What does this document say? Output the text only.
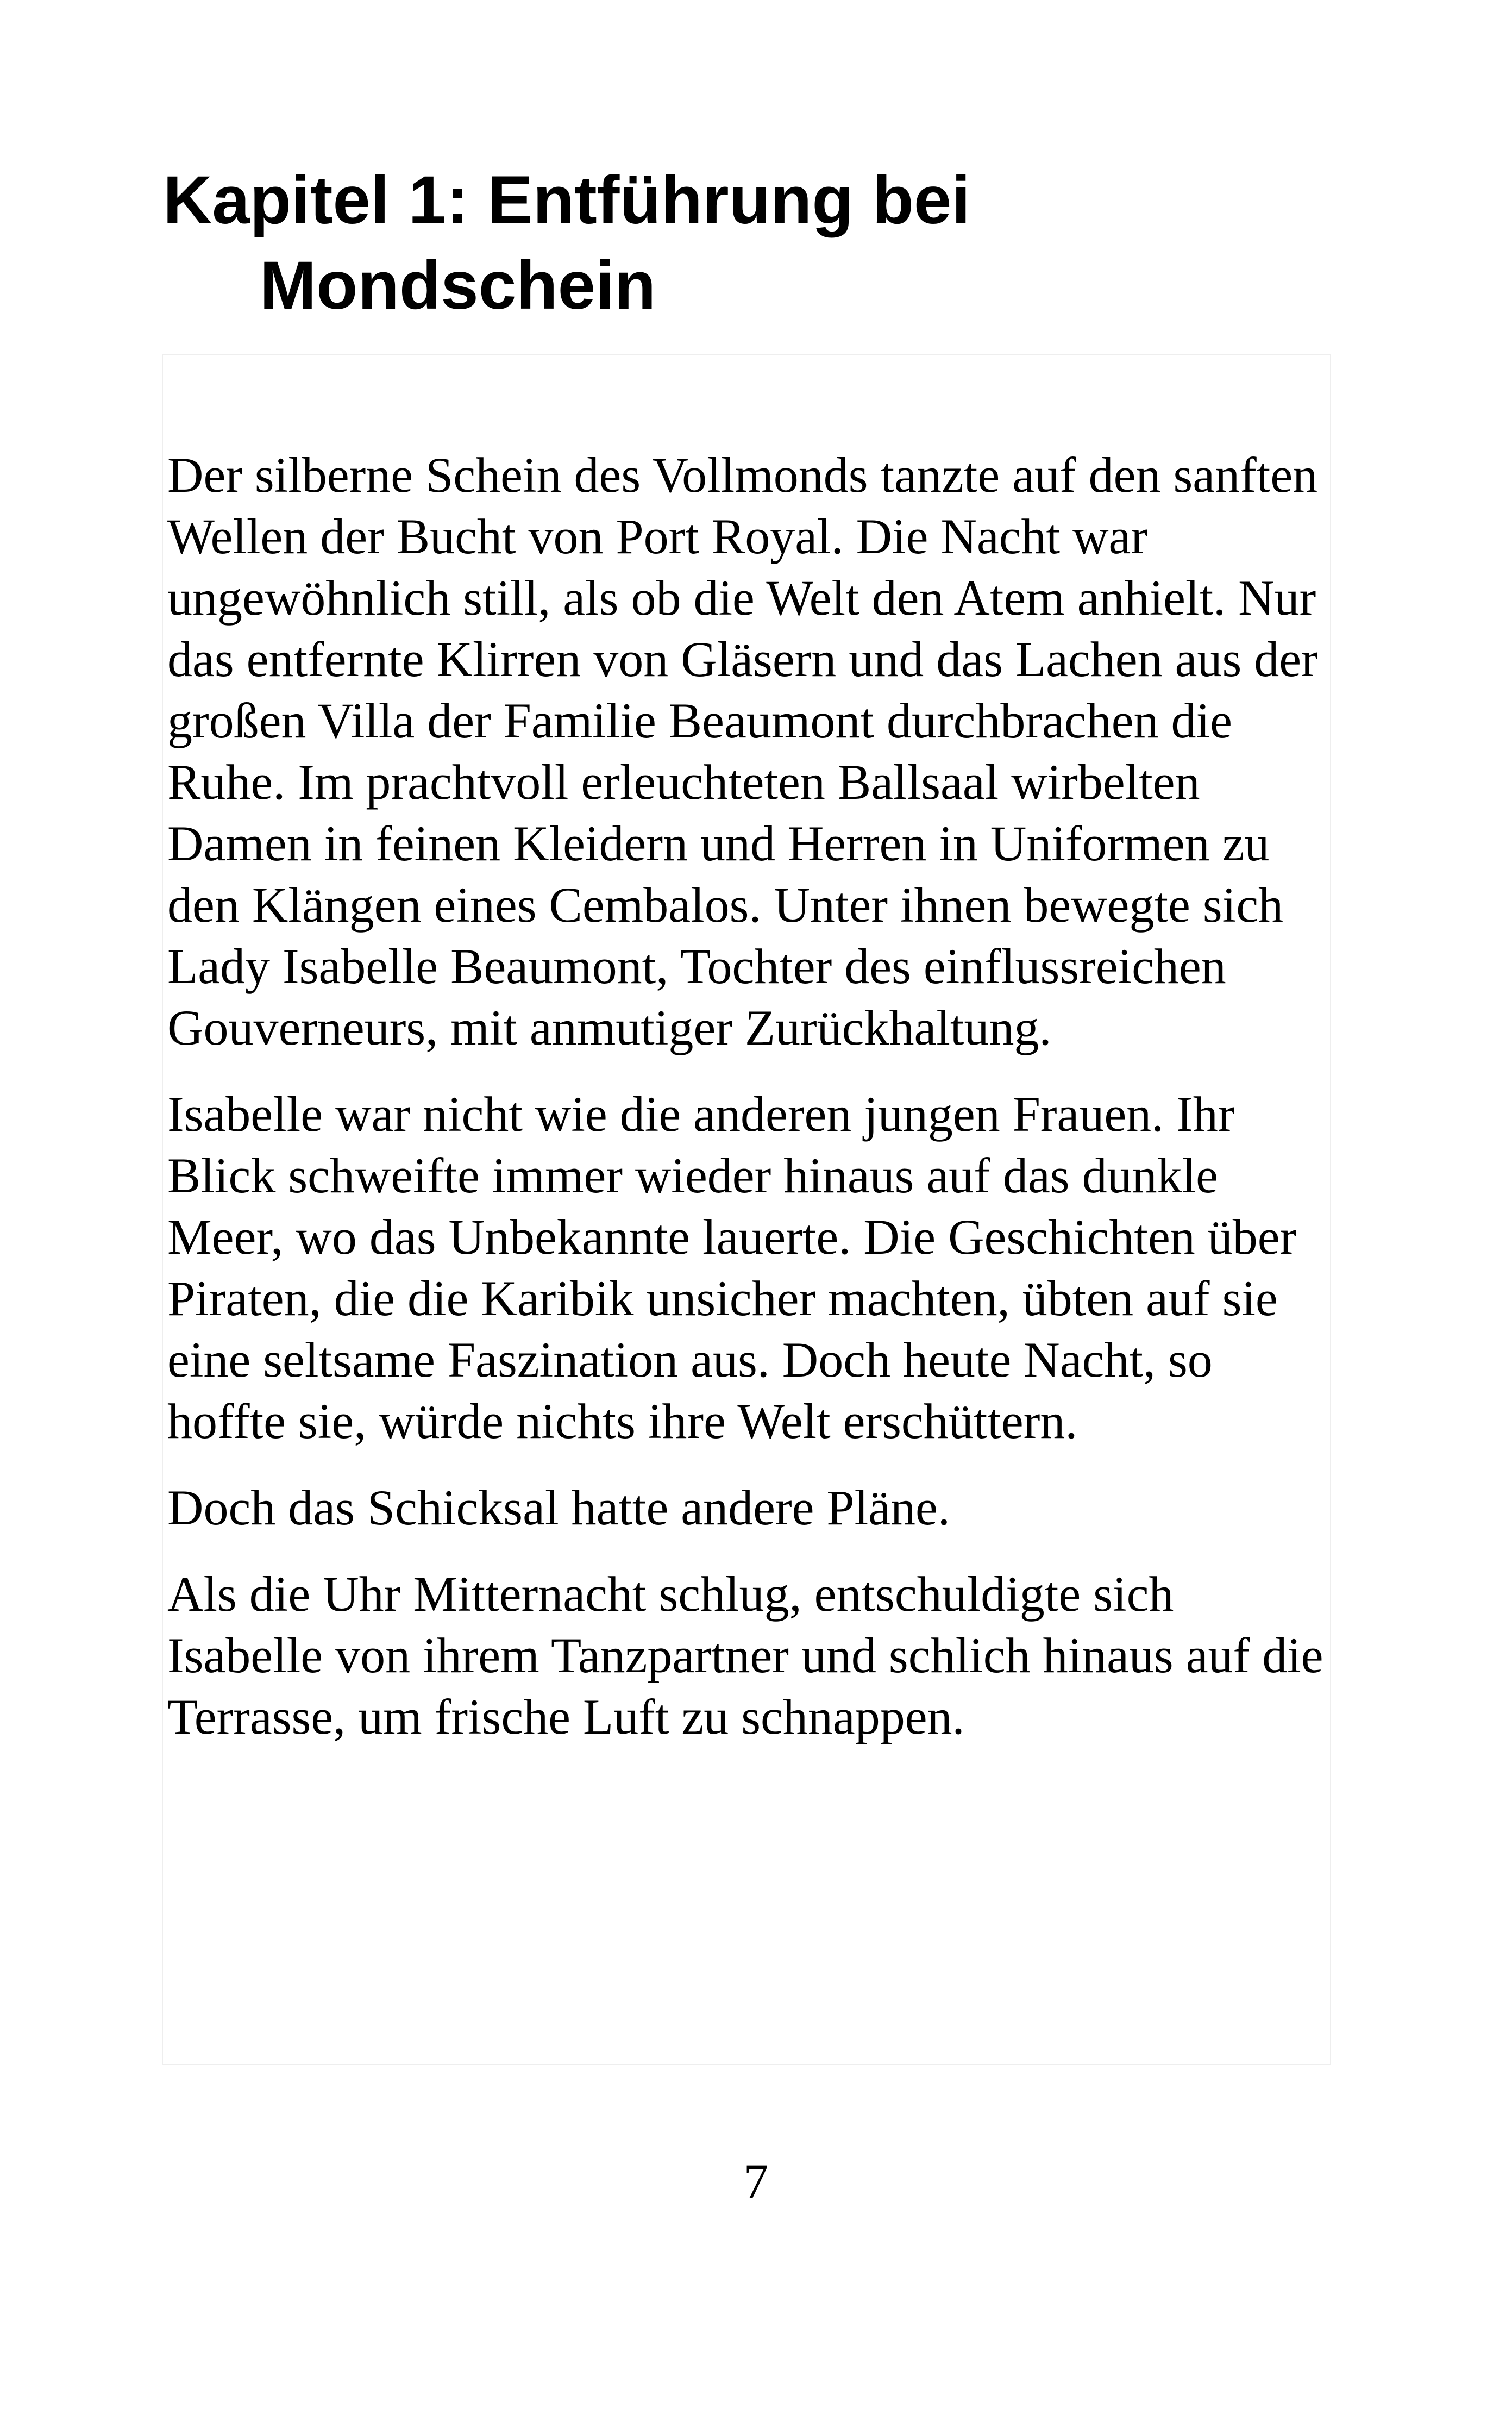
Kapitel 1: Entführung bei
Mondschein

Der silberne Schein des Vollmonds tanzte auf den sanften Wellen der Bucht von Port Royal. Die Nacht war ungewöhnlich still, als ob die Welt den Atem anhielt. Nur das entfernte Klirren von Gläsern und das Lachen aus der großen Villa der Familie Beaumont durchbrachen die Ruhe. Im prachtvoll erleuchteten Ballsaal wirbelten Damen in feinen Kleidern und Herren in Uniformen zu den Klängen eines Cembalos. Unter ihnen bewegte sich Lady Isabelle Beaumont, Tochter des einflussreichen Gouverneurs, mit anmutiger Zurückhaltung.

Isabelle war nicht wie die anderen jungen Frauen. Ihr Blick schweifte immer wieder hinaus auf das dunkle Meer, wo das Unbekannte lauerte. Die Geschichten über Piraten, die die Karibik unsicher machten, übten auf sie eine seltsame Faszination aus. Doch heute Nacht, so hoffte sie, würde nichts ihre Welt erschüttern.

Doch das Schicksal hatte andere Pläne.

Als die Uhr Mitternacht schlug, entschuldigte sich Isabelle von ihrem Tanzpartner und schlich hinaus auf die Terrasse, um frische Luft zu schnappen.

7
